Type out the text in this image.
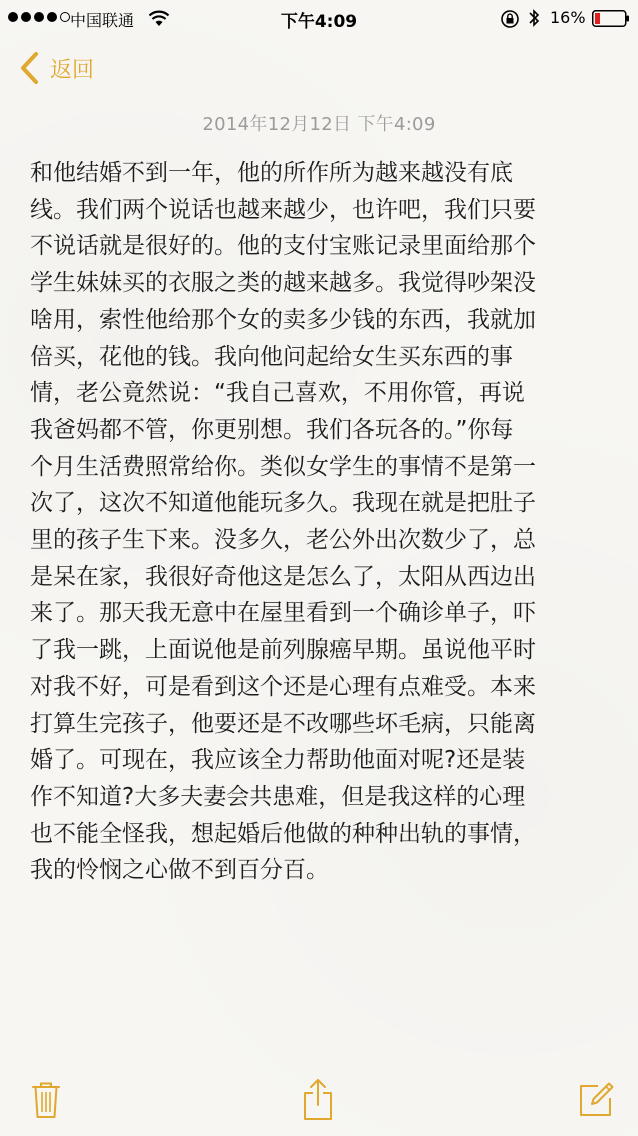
中国联通	下午4:09	16%
返回
2014年12月12日 下午4:09
和他结婚不到一年，他的所作所为越来越没有底
线。我们两个说话也越来越少，也许吧，我们只要
不说话就是很好的。他的支付宝账记录里面给那个
学生妹妹买的衣服之类的越来越多。我觉得吵架没
啥用，索性他给那个女的卖多少钱的东西，我就加
倍买，花他的钱。我向他问起给女生买东西的事
情，老公竟然说：“我自己喜欢，不用你管，再说
我爸妈都不管，你更别想。我们各玩各的。”你每
个月生活费照常给你。类似女学生的事情不是第一
次了，这次不知道他能玩多久。我现在就是把肚子
里的孩子生下来。没多久，老公外出次数少了，总
是呆在家，我很好奇他这是怎么了，太阳从西边出
来了。那天我无意中在屋里看到一个确诊单子，吓
了我一跳，上面说他是前列腺癌早期。虽说他平时
对我不好，可是看到这个还是心理有点难受。本来
打算生完孩子，他要还是不改哪些坏毛病，只能离
婚了。可现在，我应该全力帮助他面对呢?还是装
作不知道?大多夫妻会共患难，但是我这样的心理
也不能全怪我，想起婚后他做的种种出轨的事情，
我的怜悯之心做不到百分百。
